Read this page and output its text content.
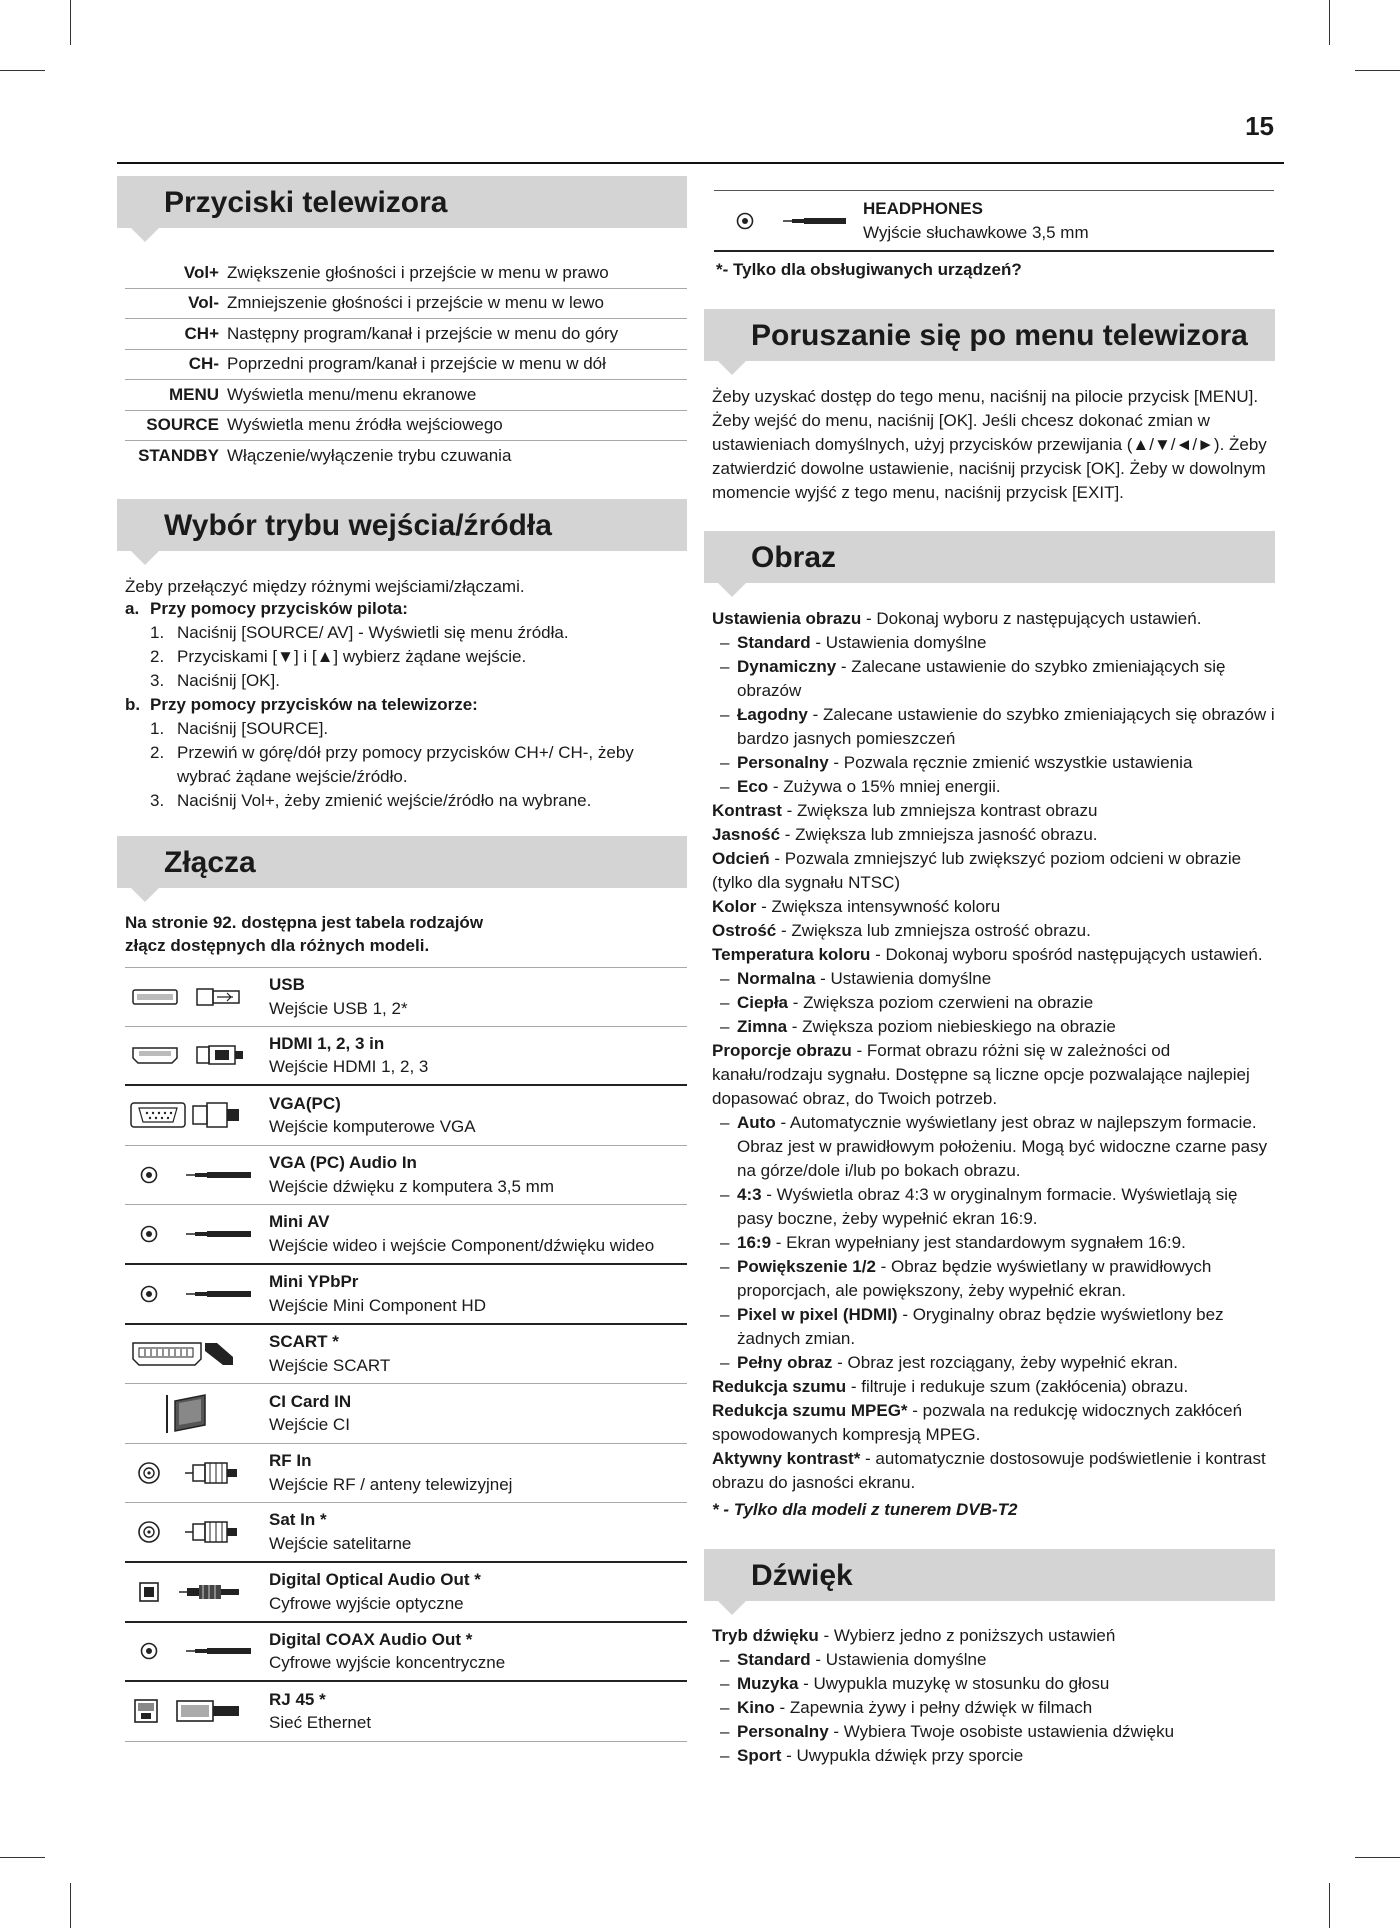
15
Przyciski telewizora
Vol+ Zwiększenie głośności i przejście w menu w prawo
Vol- Zmniejszenie głośności i przejście w menu w lewo
CH+ Następny program/kanał i przejście w menu do góry
CH- Poprzedni program/kanał i przejście w menu w dół
MENU Wyświetla menu/menu ekranowe
SOURCE Wyświetla menu źródła wejściowego
STANDBY Włączenie/wyłączenie trybu czuwania
Wybór trybu wejścia/źródła
Żeby przełączyć między różnymi wejściami/złączami.
a. Przy pomocy przycisków pilota:
1. Naciśnij [SOURCE/ AV] - Wyświetli się menu źródła.
2. Przyciskami [▼] i [▲] wybierz żądane wejście.
3. Naciśnij [OK].
b. Przy pomocy przycisków na telewizorze:
1. Naciśnij [SOURCE].
2. Przewiń w górę/dół przy pomocy przycisków CH+/ CH-, żeby wybrać żądane wejście/źródło.
3. Naciśnij Vol+, żeby zmienić wejście/źródło na wybrane.
Złącza
Na stronie 92. dostępna jest tabela rodzajów złącz dostępnych dla różnych modeli.
USB
Wejście USB 1, 2*
HDMI 1, 2, 3 in
Wejście HDMI 1, 2, 3
VGA(PC)
Wejście komputerowe VGA
VGA (PC) Audio In
Wejście dźwięku z komputera 3,5 mm
Mini AV
Wejście wideo i wejście Component/dźwięku wideo
Mini YPbPr
Wejście Mini Component HD
SCART *
Wejście SCART
CI Card IN
Wejście CI
RF In
Wejście RF / anteny telewizyjnej
Sat In *
Wejście satelitarne
Digital Optical Audio Out *
Cyfrowe wyjście optyczne
Digital COAX Audio Out *
Cyfrowe wyjście koncentryczne
RJ 45 *
Sieć Ethernet
HEADPHONES
Wyjście słuchawkowe 3,5 mm
*- Tylko dla obsługiwanych urządzeń?
Poruszanie się po menu telewizora
Żeby uzyskać dostęp do tego menu, naciśnij na pilocie przycisk [MENU]. Żeby wejść do menu, naciśnij [OK]. Jeśli chcesz dokonać zmian w ustawieniach domyślnych, użyj przycisków przewijania (▲/▼/◄/►). Żeby zatwierdzić dowolne ustawienie, naciśnij przycisk [OK]. Żeby w dowolnym momencie wyjść z tego menu, naciśnij przycisk [EXIT].
Obraz
Ustawienia obrazu - Dokonaj wyboru z następujących ustawień.
– Standard - Ustawienia domyślne
– Dynamiczny - Zalecane ustawienie do szybko zmieniających się obrazów
– Łagodny - Zalecane ustawienie do szybko zmieniających się obrazów i bardzo jasnych pomieszczeń
– Personalny - Pozwala ręcznie zmienić wszystkie ustawienia
– Eco - Zużywa o 15% mniej energii.
Kontrast - Zwiększa lub zmniejsza kontrast obrazu
Jasność - Zwiększa lub zmniejsza jasność obrazu.
Odcień - Pozwala zmniejszyć lub zwiększyć poziom odcieni w obrazie (tylko dla sygnału NTSC)
Kolor - Zwiększa intensywność koloru
Ostrość - Zwiększa lub zmniejsza ostrość obrazu.
Temperatura koloru - Dokonaj wyboru spośród następujących ustawień.
– Normalna - Ustawienia domyślne
– Ciepła - Zwiększa poziom czerwieni na obrazie
– Zimna - Zwiększa poziom niebieskiego na obrazie
Proporcje obrazu - Format obrazu różni się w zależności od kanału/rodzaju sygnału. Dostępne są liczne opcje pozwalające najlepiej dopasować obraz, do Twoich potrzeb.
– Auto - Automatycznie wyświetlany jest obraz w najlepszym formacie. Obraz jest w prawidłowym położeniu. Mogą być widoczne czarne pasy na górze/dole i/lub po bokach obrazu.
– 4:3 - Wyświetla obraz 4:3 w oryginalnym formacie. Wyświetlają się pasy boczne, żeby wypełnić ekran 16:9.
– 16:9 - Ekran wypełniany jest standardowym sygnałem 16:9.
– Powiększenie 1/2 - Obraz będzie wyświetlany w prawidłowych proporcjach, ale powiększony, żeby wypełnić ekran.
– Pixel w pixel (HDMI) - Oryginalny obraz będzie wyświetlony bez żadnych zmian.
– Pełny obraz - Obraz jest rozciągany, żeby wypełnić ekran.
Redukcja szumu - filtruje i redukuje szum (zakłócenia) obrazu.
Redukcja szumu MPEG* - pozwala na redukcję widocznych zakłóceń spowodowanych kompresją MPEG.
Aktywny kontrast* - automatycznie dostosowuje podświetlenie i kontrast obrazu do jasności ekranu.
* - Tylko dla modeli z tunerem DVB-T2
Dźwięk
Tryb dźwięku - Wybierz jedno z poniższych ustawień
– Standard - Ustawienia domyślne
– Muzyka - Uwypukla muzykę w stosunku do głosu
– Kino - Zapewnia żywy i pełny dźwięk w filmach
– Personalny - Wybiera Twoje osobiste ustawienia dźwięku
– Sport - Uwypukla dźwięk przy sporcie
